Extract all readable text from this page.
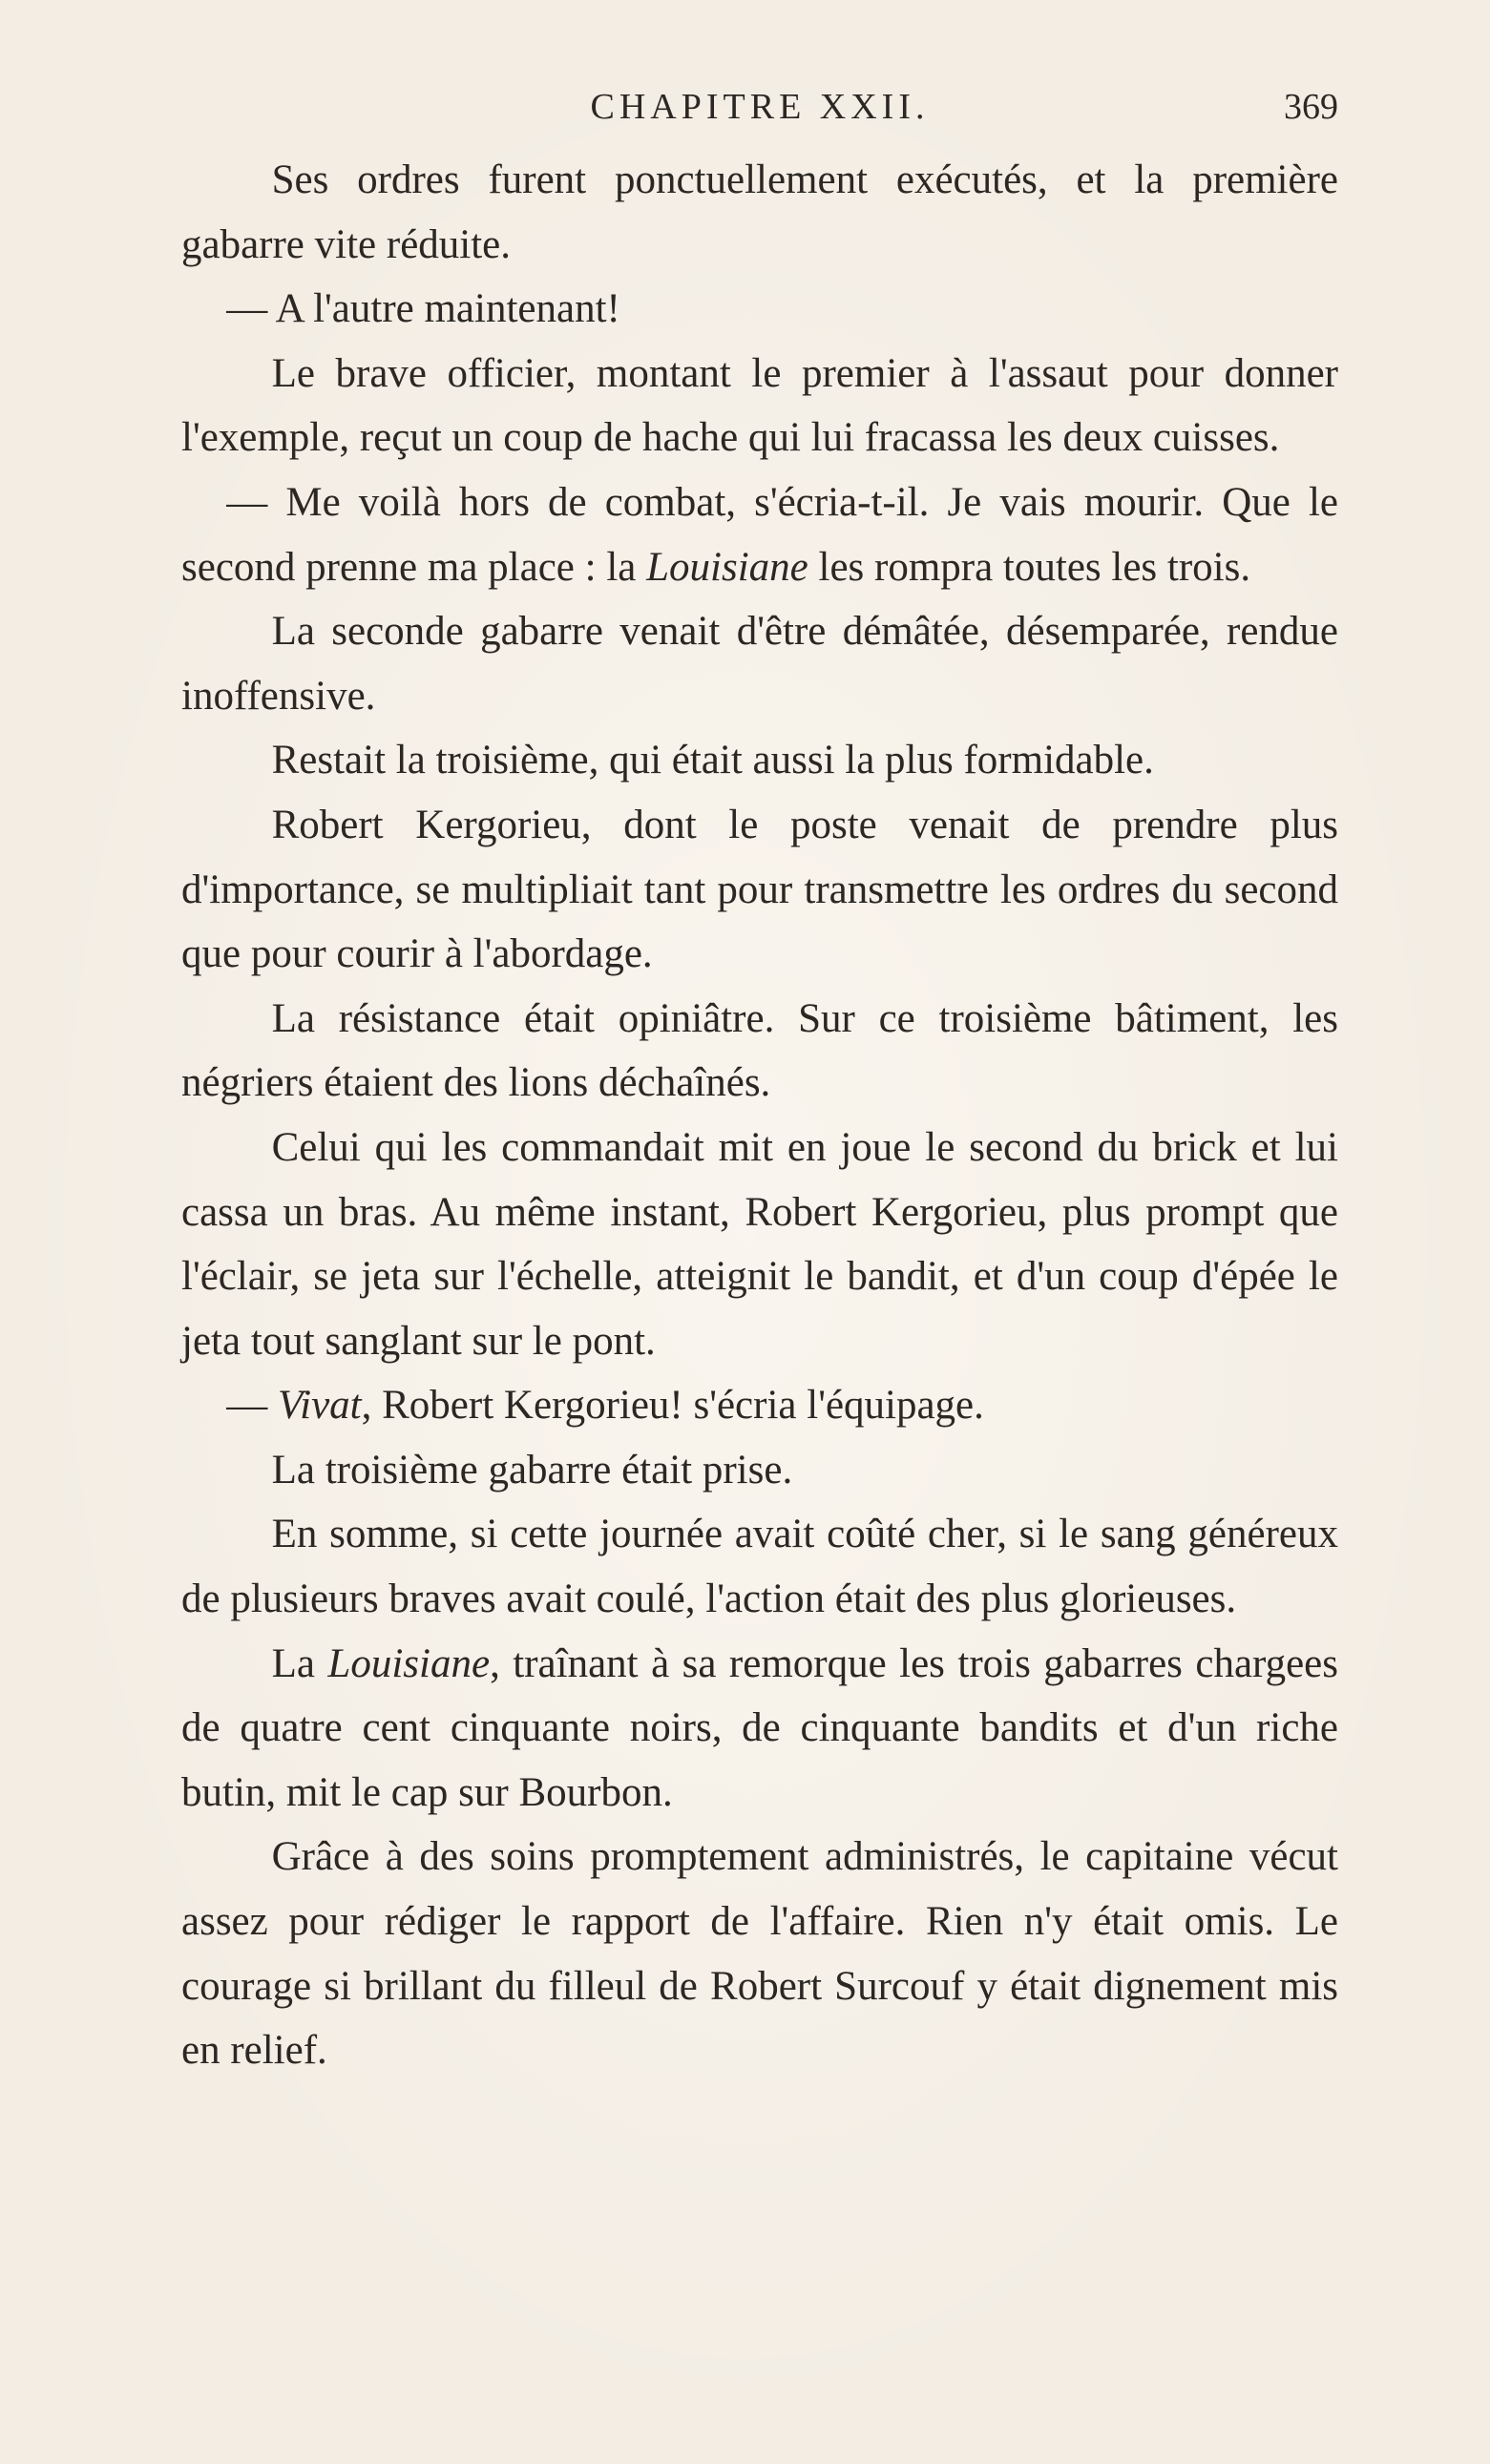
CHAPITRE XXII.	369

Ses ordres furent ponctuellement exécutés, et la première gabarre vite réduite.

— A l'autre maintenant!

Le brave officier, montant le premier à l'assaut pour donner l'exemple, reçut un coup de hache qui lui fracassa les deux cuisses.

— Me voilà hors de combat, s'écria-t-il. Je vais mourir. Que le second prenne ma place : la Louisiane les rompra toutes les trois.

La seconde gabarre venait d'être démâtée, désemparée, rendue inoffensive.

Restait la troisième, qui était aussi la plus formidable.

Robert Kergorieu, dont le poste venait de prendre plus d'importance, se multipliait tant pour transmettre les ordres du second que pour courir à l'abordage.

La résistance était opiniâtre. Sur ce troisième bâtiment, les négriers étaient des lions déchaînés.

Celui qui les commandait mit en joue le second du brick et lui cassa un bras. Au même instant, Robert Kergorieu, plus prompt que l'éclair, se jeta sur l'échelle, atteignit le bandit, et d'un coup d'épée le jeta tout sanglant sur le pont.

— Vivat, Robert Kergorieu! s'écria l'équipage.

La troisième gabarre était prise.

En somme, si cette journée avait coûté cher, si le sang généreux de plusieurs braves avait coulé, l'action était des plus glorieuses.

La Louisiane, traînant à sa remorque les trois gabarres chargees de quatre cent cinquante noirs, de cinquante bandits et d'un riche butin, mit le cap sur Bourbon.

Grâce à des soins promptement administrés, le capitaine vécut assez pour rédiger le rapport de l'affaire. Rien n'y était omis. Le courage si brillant du filleul de Robert Surcouf y était dignement mis en relief.
